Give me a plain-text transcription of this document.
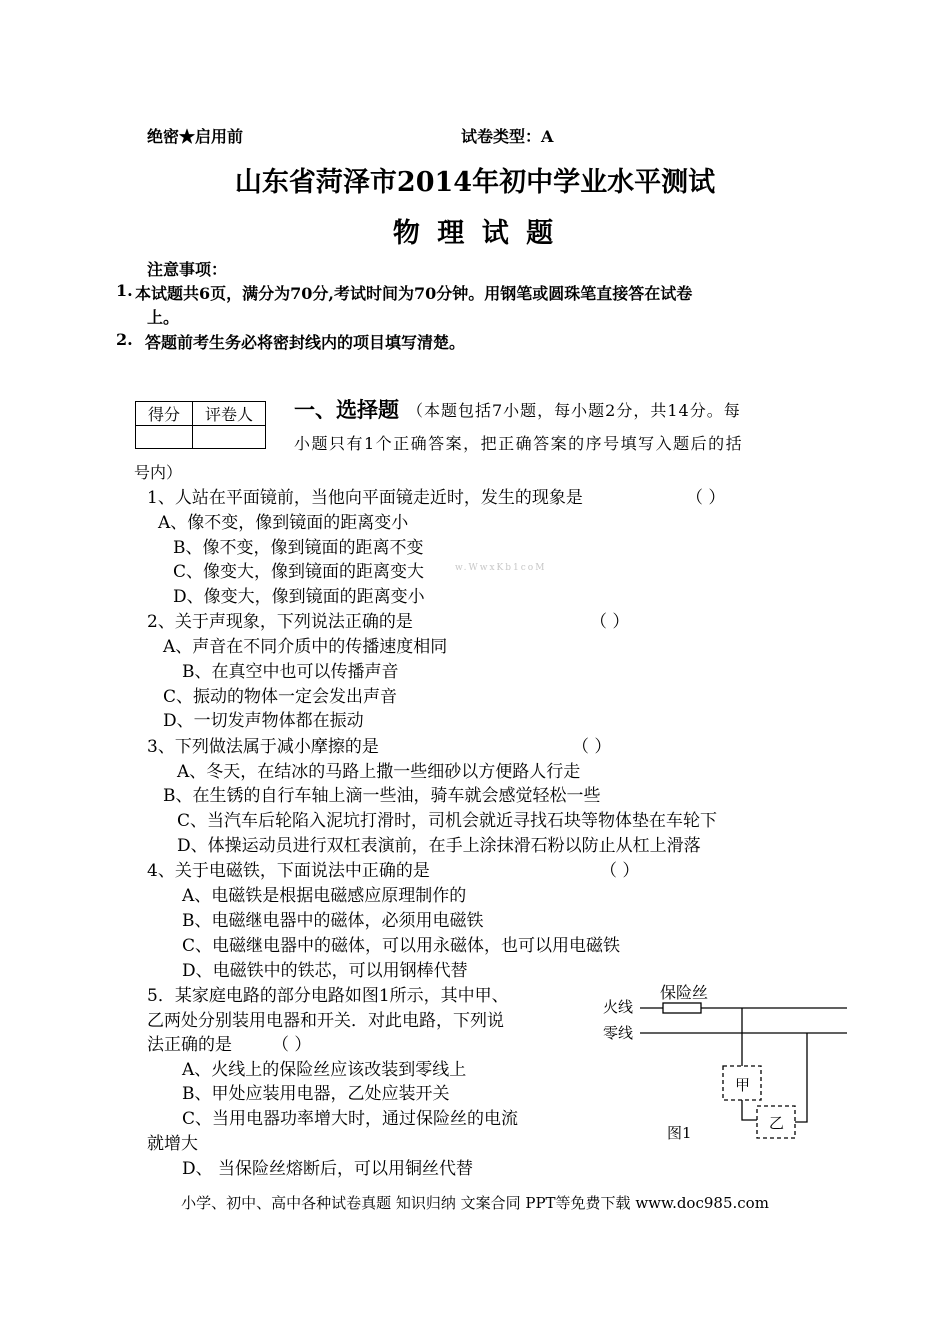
绝密★启用前	试卷类型：A
山东省菏泽市2014年初中学业水平测试
物 理 试 题
注意事项：
1. 本试题共6页，满分为70分,考试时间为70分钟。用钢笔或圆珠笔直接答在试卷
上。
2. 答题前考生务必将密封线内的项目填写清楚。
得分	评卷人
	一、选择题 （本题包括7小题，每小题2分，共14分。每
小题只有1个正确答案，把正确答案的序号填写入题后的括
号内）
1、人站在平面镜前，当他向平面镜走近时，发生的现象是	（ ）
A、像不变，像到镜面的距离变小
B、像不变，像到镜面的距离不变
C、像变大，像到镜面的距离变大	w.WwxKb1coM
D、像变大，像到镜面的距离变小
2、关于声现象，下列说法正确的是	（ ）
A、声音在不同介质中的传播速度相同
B、在真空中也可以传播声音
C、振动的物体一定会发出声音
D、一切发声物体都在振动
3、下列做法属于减小摩擦的是	（ ）
A、冬天，在结冰的马路上撒一些细砂以方便路人行走
B、在生锈的自行车轴上滴一些油，骑车就会感觉轻松一些
C、当汽车后轮陷入泥坑打滑时，司机会就近寻找石块等物体垫在车轮下
D、体操运动员进行双杠表演前，在手上涂抹滑石粉以防止从杠上滑落
4、关于电磁铁，下面说法中正确的是	（ ）
A、电磁铁是根据电磁感应原理制作的
B、电磁继电器中的磁体，必须用电磁铁
C、电磁继电器中的磁体，可以用永磁体，也可以用电磁铁
D、电磁铁中的铁芯，可以用钢棒代替
5．某家庭电路的部分电路如图1所示，其中甲、
乙两处分别装用电器和开关．对此电路，下列说
法正确的是 （ ）
A、火线上的保险丝应该改装到零线上
B、甲处应装用电器，乙处应装开关
C、当用电器功率增大时，通过保险丝的电流
就增大
D、 当保险丝熔断后，可以用铜丝代替
保险丝
火线
零线
甲
乙
图1
小学、初中、高中各种试卷真题 知识归纳 文案合同 PPT等免费下载 www.doc985.com
